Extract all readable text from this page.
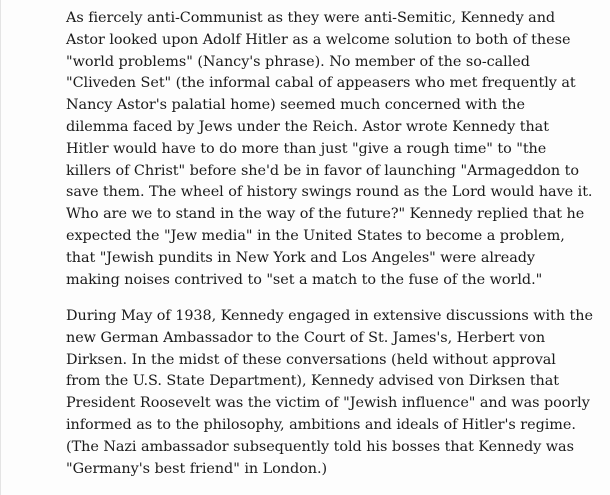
As fiercely anti-Communist as they were anti-Semitic, Kennedy and
Astor looked upon Adolf Hitler as a welcome solution to both of these
"world problems" (Nancy's phrase). No member of the so-called
"Cliveden Set" (the informal cabal of appeasers who met frequently at
Nancy Astor's palatial home) seemed much concerned with the
dilemma faced by Jews under the Reich. Astor wrote Kennedy that
Hitler would have to do more than just "give a rough time" to "the
killers of Christ" before she'd be in favor of launching "Armageddon to
save them. The wheel of history swings round as the Lord would have it.
Who are we to stand in the way of the future?" Kennedy replied that he
expected the "Jew media" in the United States to become a problem,
that "Jewish pundits in New York and Los Angeles" were already
making noises contrived to "set a match to the fuse of the world."

During May of 1938, Kennedy engaged in extensive discussions with the
new German Ambassador to the Court of St. James's, Herbert von
Dirksen. In the midst of these conversations (held without approval
from the U.S. State Department), Kennedy advised von Dirksen that
President Roosevelt was the victim of "Jewish influence" and was poorly
informed as to the philosophy, ambitions and ideals of Hitler's regime.
(The Nazi ambassador subsequently told his bosses that Kennedy was
"Germany's best friend" in London.)
